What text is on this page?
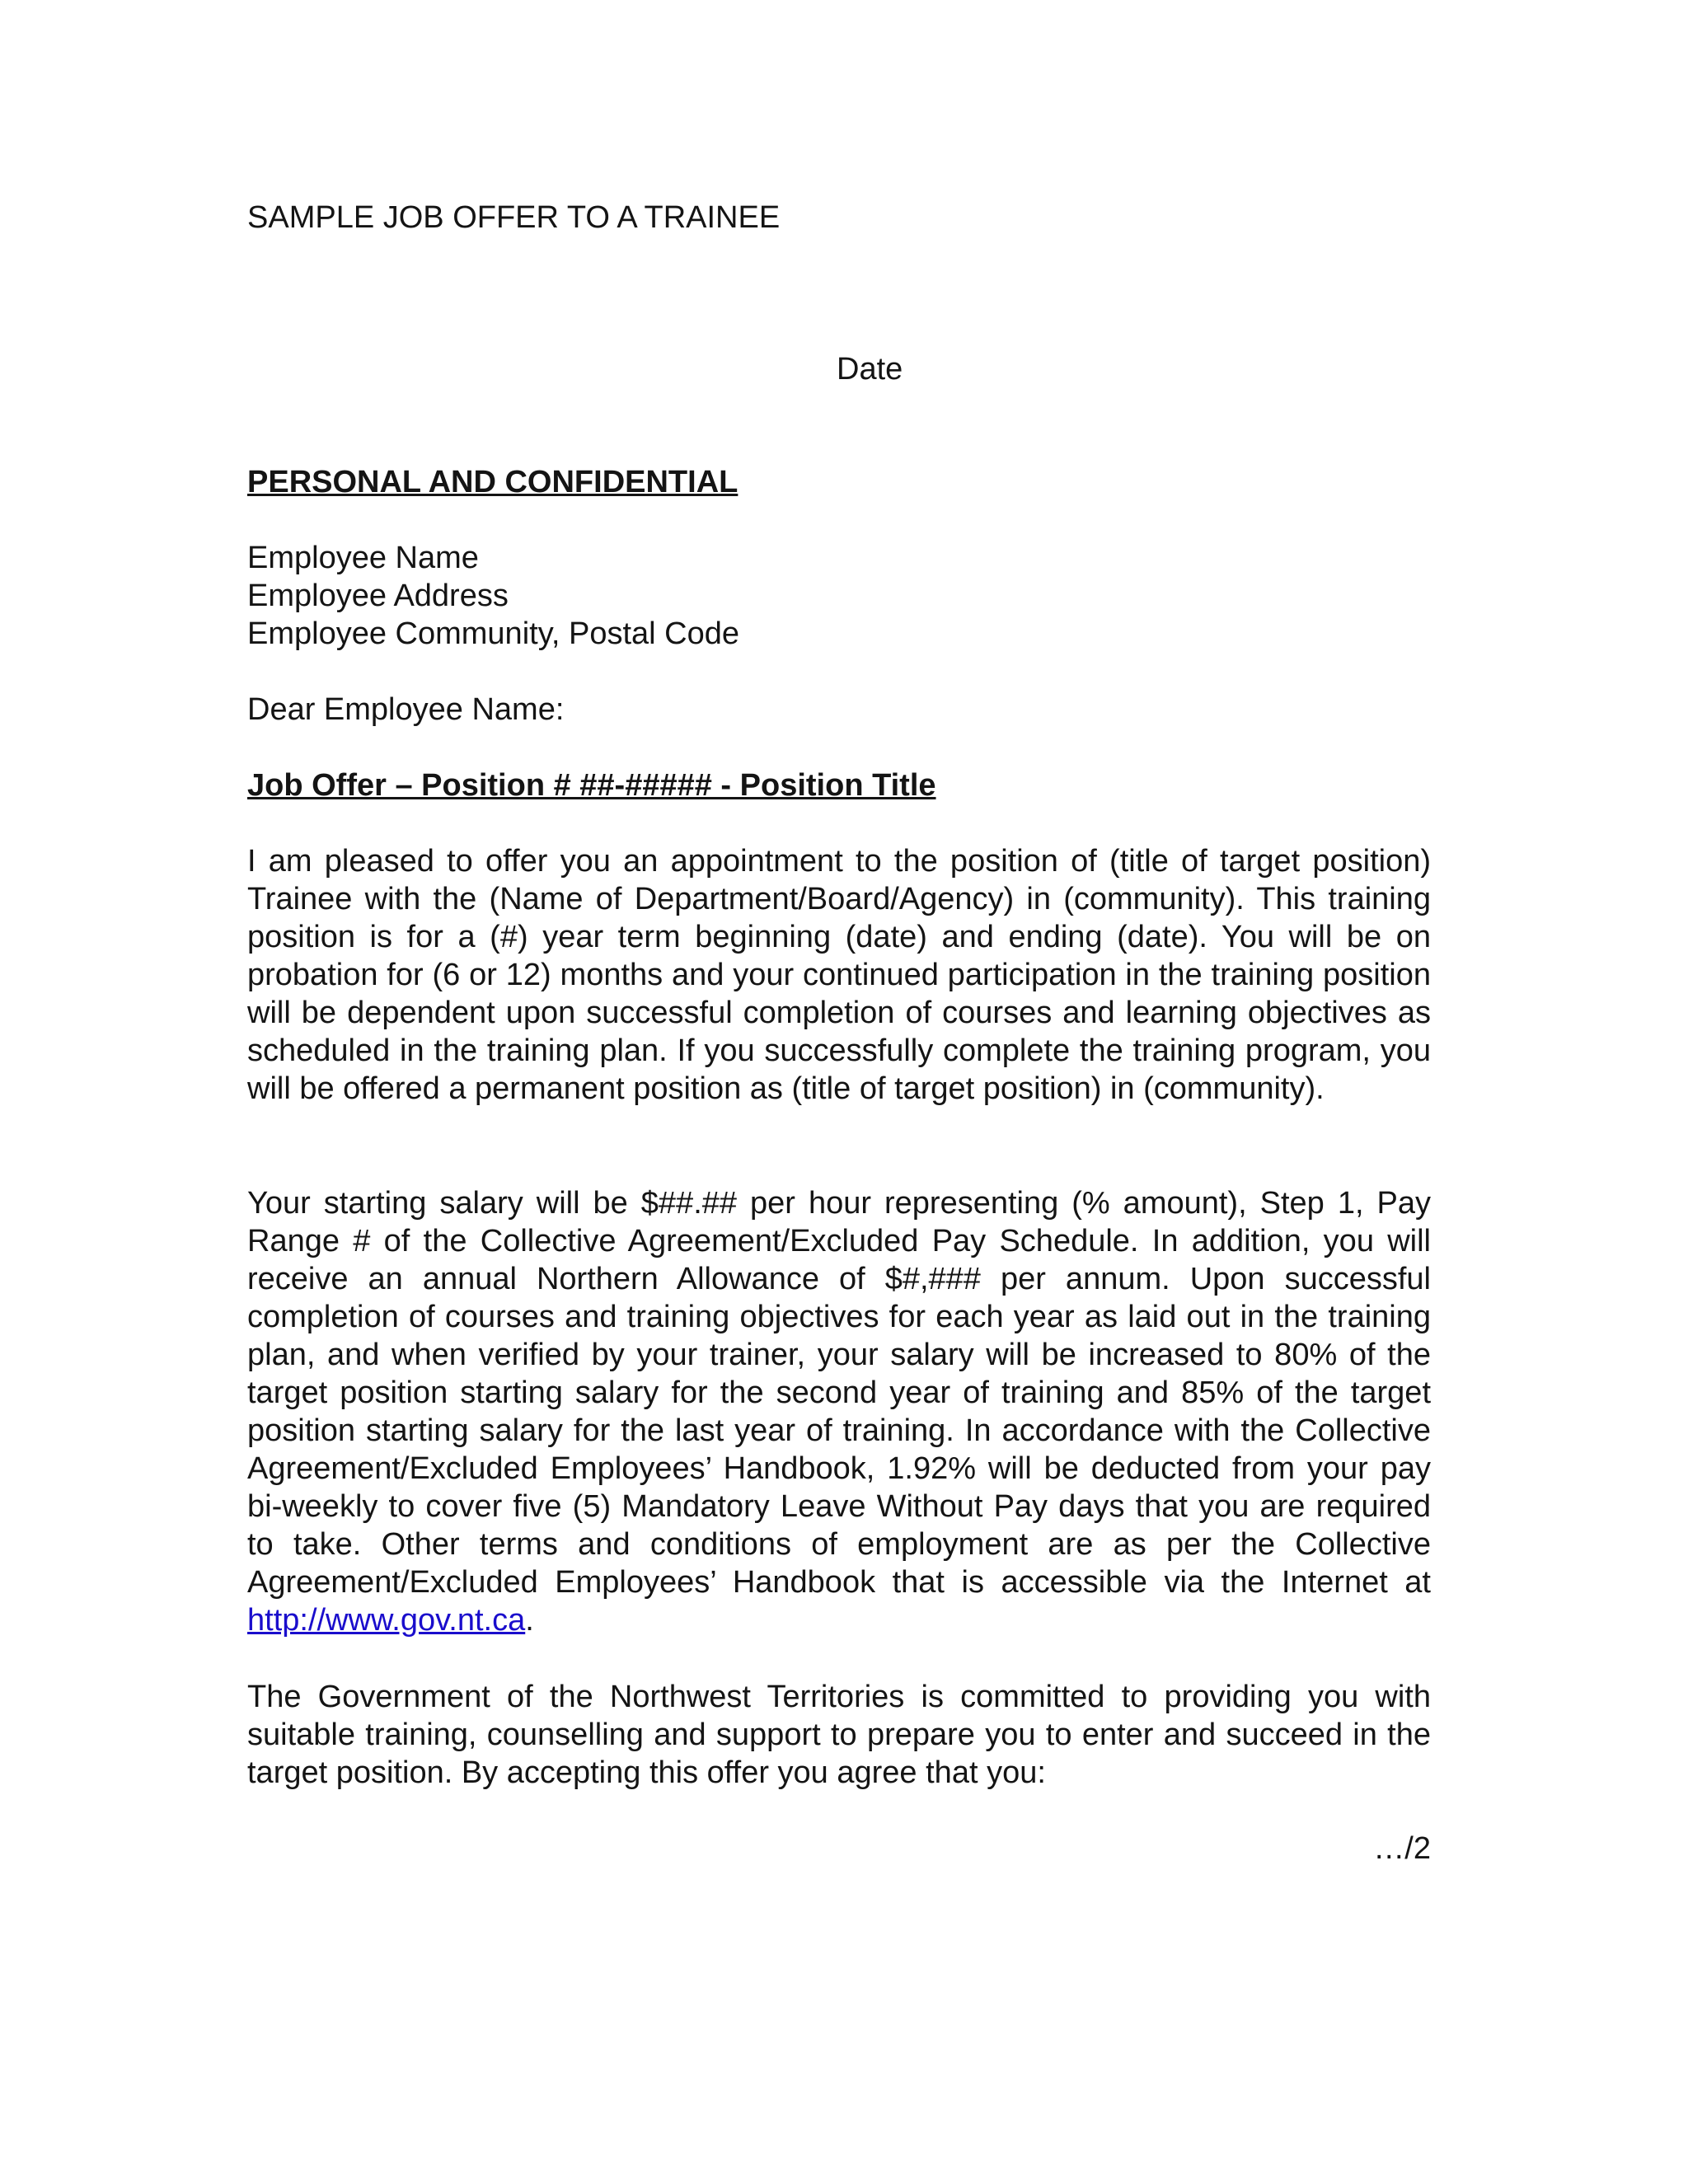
SAMPLE JOB OFFER TO A TRAINEE
Date
PERSONAL AND CONFIDENTIAL
Employee Name
Employee Address
Employee Community, Postal Code
Dear Employee Name:
Job Offer – Position # ##-##### - Position Title
I am pleased to offer you an appointment to the position of (title of target position) Trainee with the (Name of Department/Board/Agency) in (community). This training position is for a (#) year term beginning (date) and ending (date). You will be on probation for (6 or 12) months and your continued participation in the training position will be dependent upon successful completion of courses and learning objectives as scheduled in the training plan. If you successfully complete the training program, you will be offered a permanent position as (title of target position) in (community).
Your starting salary will be $##.## per hour representing (% amount), Step 1, Pay Range # of the Collective Agreement/Excluded Pay Schedule. In addition, you will receive an annual Northern Allowance of $#,### per annum. Upon successful completion of courses and training objectives for each year as laid out in the training plan, and when verified by your trainer, your salary will be increased to 80% of the target position starting salary for the second year of training and 85% of the target position starting salary for the last year of training. In accordance with the Collective Agreement/Excluded Employees’ Handbook, 1.92% will be deducted from your pay bi-weekly to cover five (5) Mandatory Leave Without Pay days that you are required to take. Other terms and conditions of employment are as per the Collective Agreement/Excluded Employees’ Handbook that is accessible via the Internet at http://www.gov.nt.ca.
The Government of the Northwest Territories is committed to providing you with suitable training, counselling and support to prepare you to enter and succeed in the target position. By accepting this offer you agree that you:
…/2
